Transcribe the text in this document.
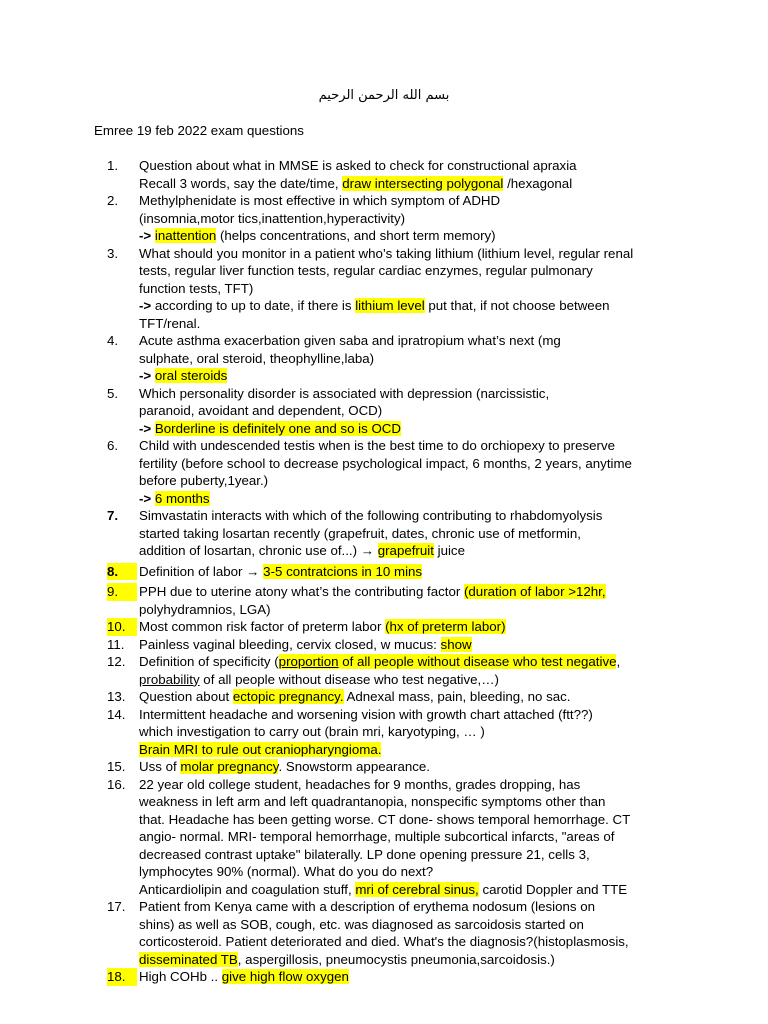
بسم الله الرحمن الرحيم
Emree 19 feb 2022 exam questions
1.	Question about what in MMSE is asked to check for constructional apraxia
Recall 3 words, say the date/time, draw intersecting polygonal /hexagonal
2.	Methylphenidate is most effective in which symptom of ADHD
(insomnia,motor tics,inattention,hyperactivity)
-> inattention (helps concentrations, and short term memory)
3.	What should you monitor in a patient who’s taking lithium (lithium level, regular renal
tests, regular liver function tests, regular cardiac enzymes, regular pulmonary
function tests, TFT)
-> according to up to date, if there is lithium level put that, if not choose between
TFT/renal.
4.	Acute asthma exacerbation given saba and ipratropium what’s next (mg
sulphate, oral steroid, theophylline,laba)
-> oral steroids
5.	Which personality disorder is associated with depression (narcissistic,
paranoid, avoidant and dependent, OCD)
-> Borderline is definitely one and so is OCD
6.	Child with undescended testis when is the best time to do orchiopexy to preserve
fertility (before school to decrease psychological impact, 6 months, 2 years, anytime
before puberty,1year.)
-> 6 months
7.	Simvastatin interacts with which of the following contributing to rhabdomyolysis
started taking losartan recently (grapefruit, dates, chronic use of metformin,
addition of losartan, chronic use of...) → grapefruit juice
8.	Definition of labor → 3-5 contratcions in 10 mins
9.	PPH due to uterine atony what’s the contributing factor (duration of labor >12hr,
polyhydramnios, LGA)
10.	Most common risk factor of preterm labor (hx of preterm labor)
11.	Painless vaginal bleeding, cervix closed, w mucus: show
12.	Definition of specificity (proportion of all people without disease who test negative,
probability of all people without disease who test negative,…)
13.	Question about ectopic pregnancy. Adnexal mass, pain, bleeding, no sac.
14.	Intermittent headache and worsening vision with growth chart attached (ftt??)
which investigation to carry out (brain mri, karyotyping, … )
Brain MRI to rule out craniopharyngioma.
15.	Uss of molar pregnancy. Snowstorm appearance.
16.	22 year old college student, headaches for 9 months, grades dropping, has
weakness in left arm and left quadrantanopia, nonspecific symptoms other than
that. Headache has been getting worse. CT done- shows temporal hemorrhage. CT
angio- normal. MRI- temporal hemorrhage, multiple subcortical infarcts, "areas of
decreased contrast uptake" bilaterally. LP done opening pressure 21, cells 3,
lymphocytes 90% (normal). What do you do next?
Anticardiolipin and coagulation stuff, mri of cerebral sinus, carotid Doppler and TTE
17.	Patient from Kenya came with a description of erythema nodosum (lesions on
shins) as well as SOB, cough, etc. was diagnosed as sarcoidosis started on
corticosteroid. Patient deteriorated and died. What's the diagnosis?(histoplasmosis,
disseminated TB, aspergillosis, pneumocystis pneumonia,sarcoidosis.)
18.	High COHb .. give high flow oxygen
